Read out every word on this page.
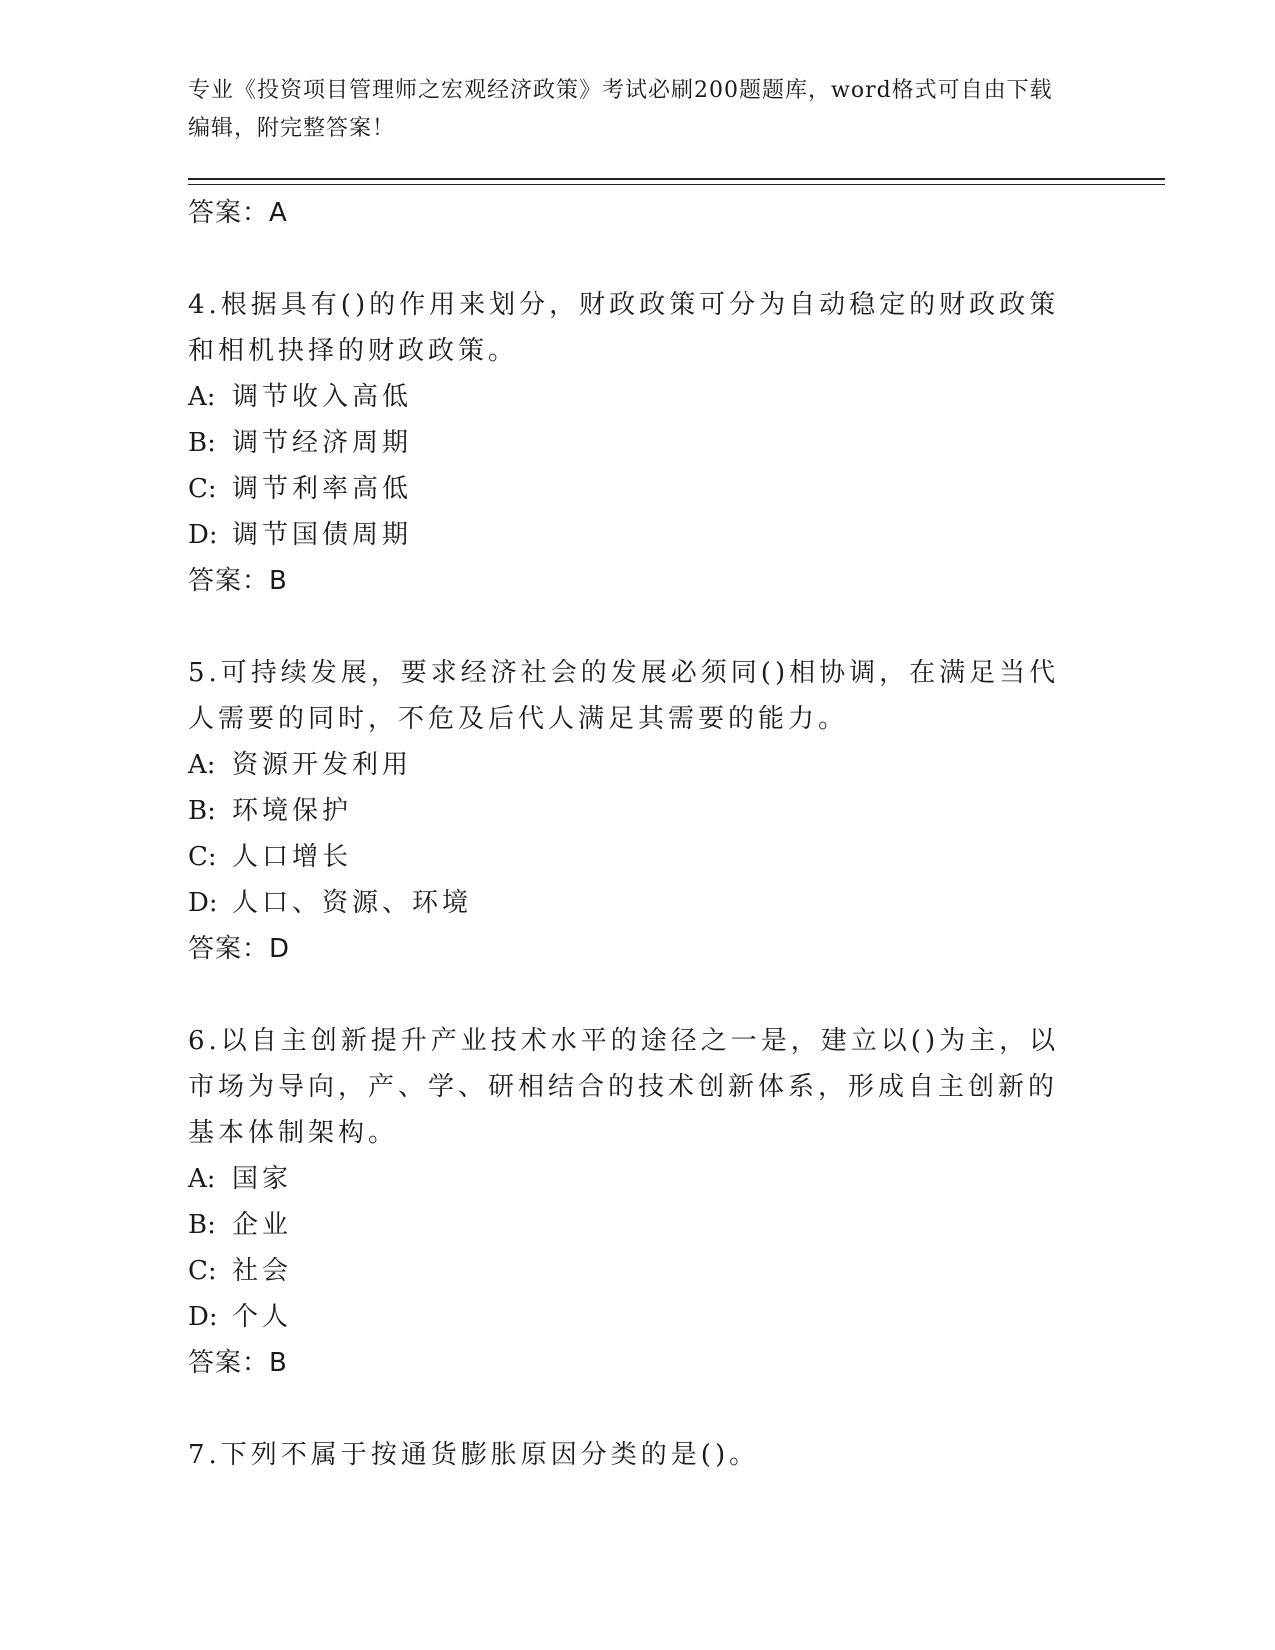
专业《投资项目管理师之宏观经济政策》考试必刷200题题库，word格式可自由下载编辑，附完整答案！
答案：A
4.根据具有()的作用来划分，财政政策可分为自动稳定的财政政策和相机抉择的财政政策。
A: 调节收入高低
B: 调节经济周期
C: 调节利率高低
D: 调节国债周期
答案：B
5.可持续发展，要求经济社会的发展必须同()相协调，在满足当代人需要的同时，不危及后代人满足其需要的能力。
A: 资源开发利用
B: 环境保护
C: 人口增长
D: 人口、资源、环境
答案：D
6.以自主创新提升产业技术水平的途径之一是，建立以()为主，以市场为导向，产、学、研相结合的技术创新体系，形成自主创新的基本体制架构。
A: 国家
B: 企业
C: 社会
D: 个人
答案：B
7.下列不属于按通货膨胀原因分类的是()。
